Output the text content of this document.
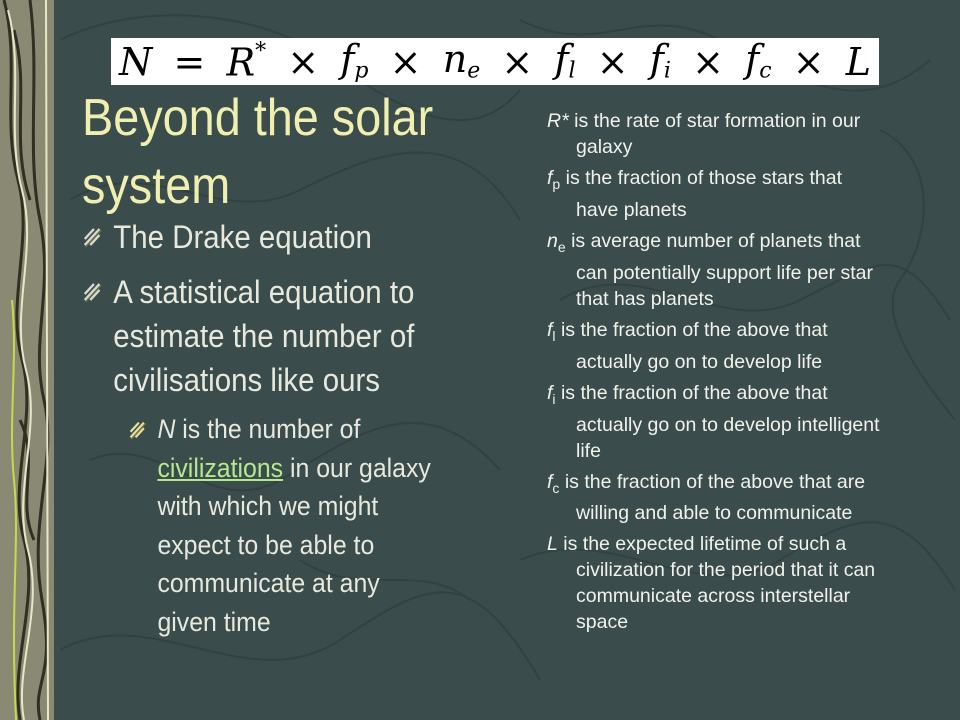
$N = R^* \times f_p \times n_e \times f_l \times f_i \times f_c \times L$
Beyond the solar
system
The Drake equation
A statistical equation to estimate the number of civilisations like ours
N is the number of civilizations in our galaxy with which we might expect to be able to communicate at any given time
R* is the rate of star formation in our galaxy
$f_p$ is the fraction of those stars that have planets
$n_e$ is average number of planets that can potentially support life per star that has planets
$f_l$ is the fraction of the above that actually go on to develop life
$f_i$ is the fraction of the above that actually go on to develop intelligent life
$f_c$ is the fraction of the above that are willing and able to communicate
L is the expected lifetime of such a civilization for the period that it can communicate across interstellar space
